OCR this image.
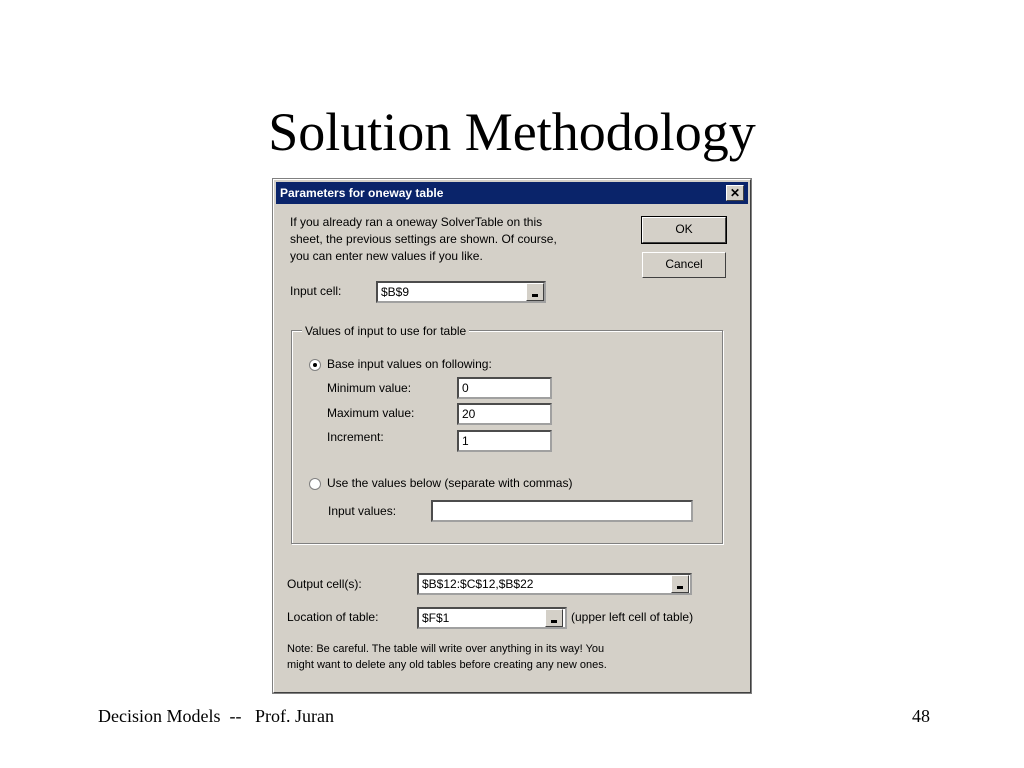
Solution Methodology
Parameters for oneway table	✕
If you already ran a oneway SolverTable on this
sheet, the previous settings are shown. Of course,
you can enter new values if you like.
OK
Cancel
Input cell:	$B$9
Values of input to use for table
Base input values on following:
Minimum value:	0
Maximum value:	20
Increment:	1
Use the values below (separate with commas)
Input values:
Output cell(s):	$B$12:$C$12,$B$22
Location of table:	$F$1	(upper left cell of table)
Note: Be careful. The table will write over anything in its way! You
might want to delete any old tables before creating any new ones.
Decision Models  --   Prof. Juran	48
